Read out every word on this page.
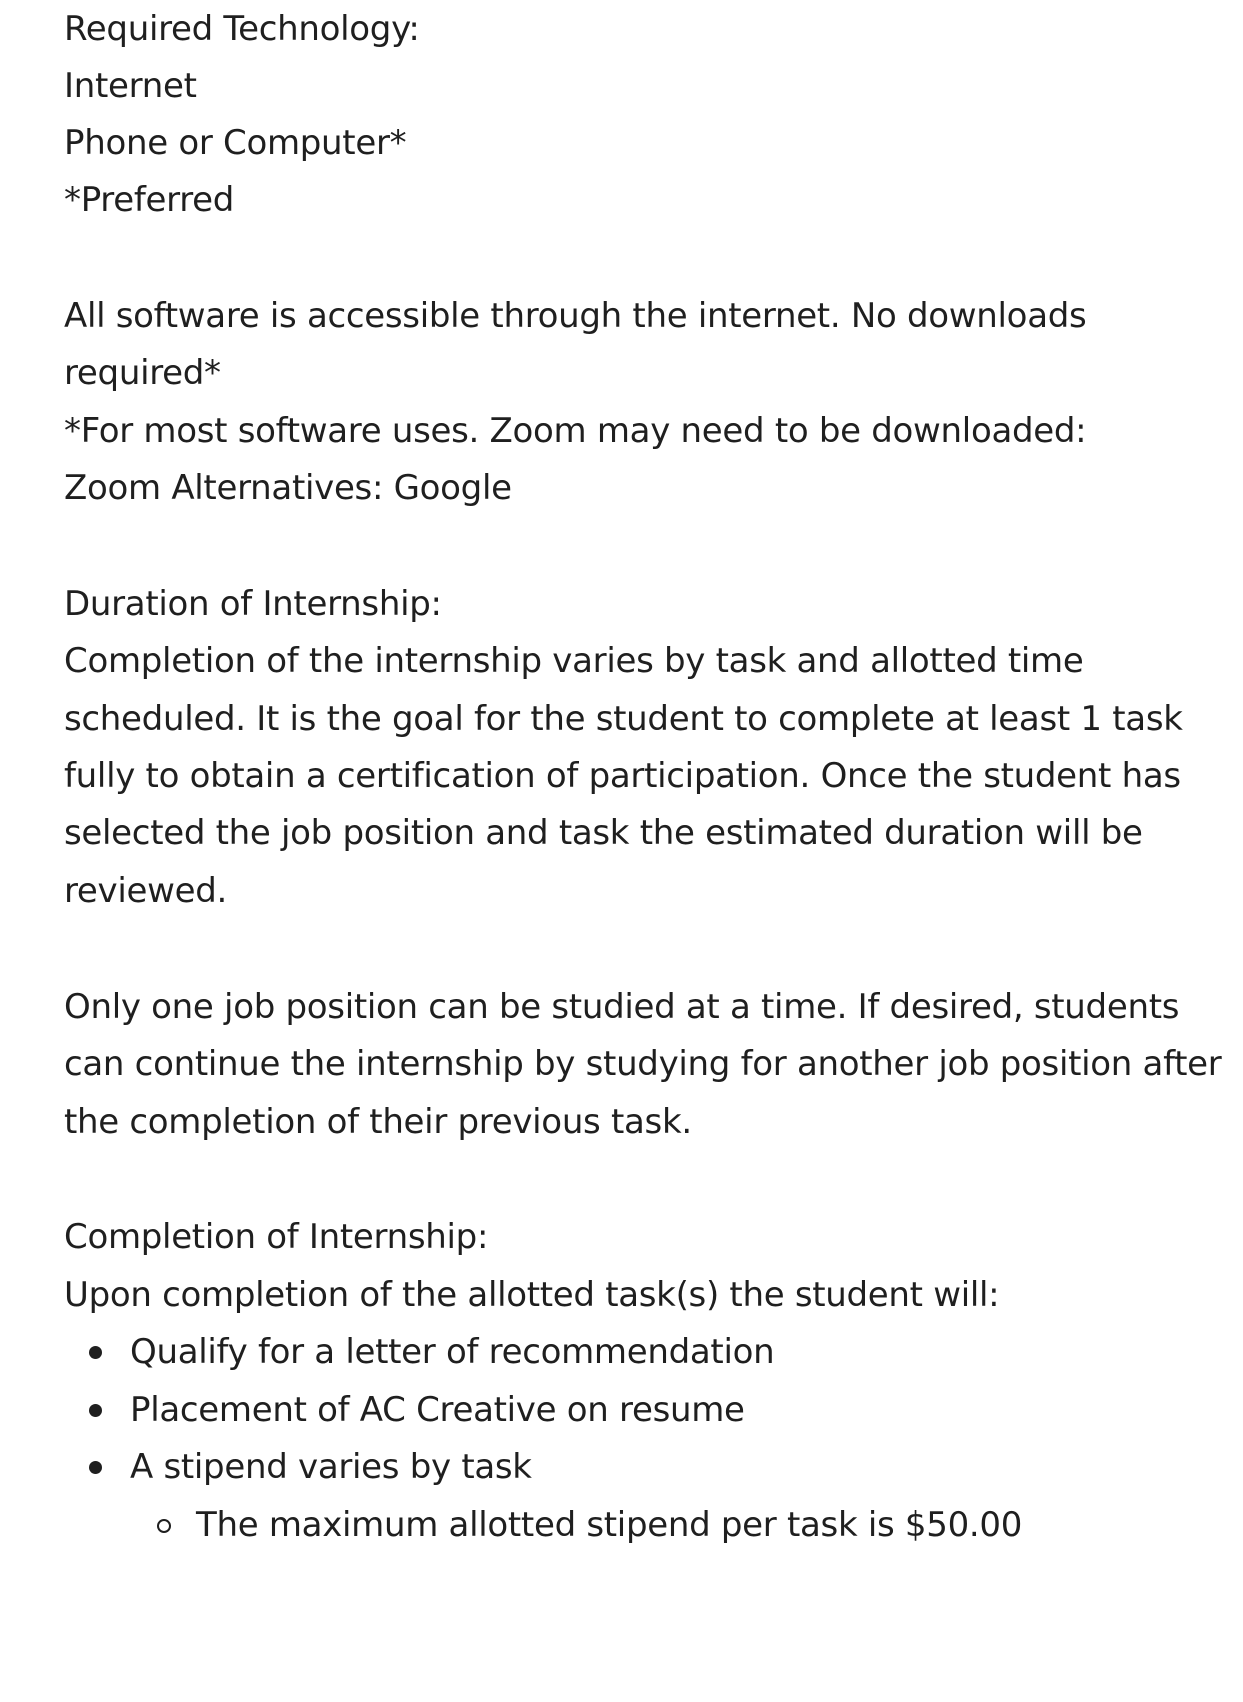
Required Technology:
Internet
Phone or Computer*
*Preferred
All software is accessible through the internet. No downloads
required*
*For most software uses. Zoom may need to be downloaded:
Zoom Alternatives: Google
Duration of Internship:
Completion of the internship varies by task and allotted time
scheduled. It is the goal for the student to complete at least 1 task
fully to obtain a certification of participation. Once the student has
selected the job position and task the estimated duration will be
reviewed.
Only one job position can be studied at a time. If desired, students
can continue the internship by studying for another job position after
the completion of their previous task.
Completion of Internship:
Upon completion of the allotted task(s) the student will:
Qualify for a letter of recommendation
Placement of AC Creative on resume
A stipend varies by task
The maximum allotted stipend per task is $50.00
